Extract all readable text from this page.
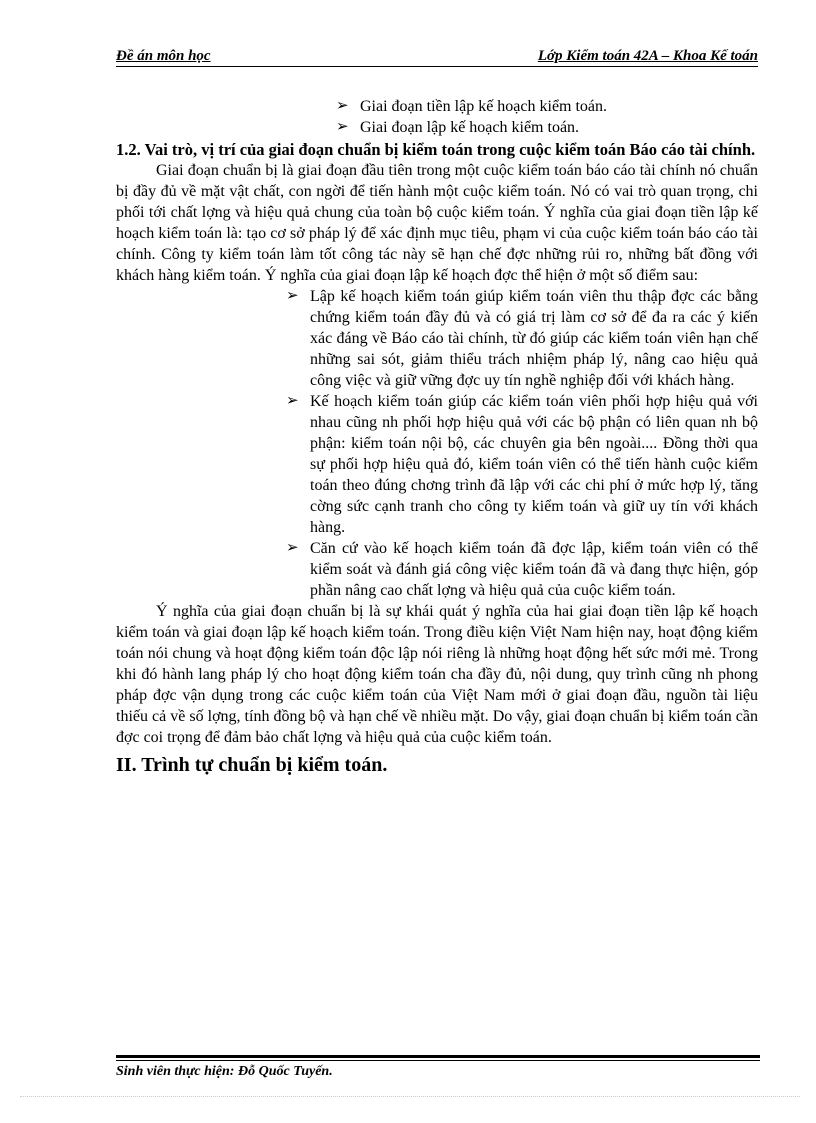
Đề án môn học	Lớp Kiểm toán 42A – Khoa Kế toán
➢ Giai đoạn tiền lập kế hoạch kiểm toán.
➢ Giai đoạn lập kế hoạch kiểm toán.
1.2. Vai trò, vị trí của giai đoạn chuẩn bị kiểm toán trong cuộc kiểm toán Báo cáo tài chính.

Giai đoạn chuẩn bị là giai đoạn đầu tiên trong một cuộc kiểm toán báo cáo tài chính nó chuẩn bị đầy đủ về mặt vật chất, con ngời để tiến hành một cuộc kiểm toán. Nó có vai trò quan trọng, chi phối tới chất lợng và hiệu quả chung của toàn bộ cuộc kiểm toán. Ý nghĩa của giai đoạn tiền lập kế hoạch kiểm toán là: tạo cơ sở pháp lý để xác định mục tiêu, phạm vi của cuộc kiểm toán báo cáo tài chính. Công ty kiểm toán làm tốt công tác này sẽ hạn chế đợc những rủi ro, những bất đồng với khách hàng kiểm toán. Ý nghĩa của giai đoạn lập kế hoạch đợc thể hiện ở một số điểm sau:

➢ Lập kế hoạch kiểm toán giúp kiểm toán viên thu thập đợc các bằng chứng kiểm toán đầy đủ và có giá trị làm cơ sở để đa ra các ý kiến xác đáng về Báo cáo tài chính, từ đó giúp các kiểm toán viên hạn chế những sai sót, giảm thiểu trách nhiệm pháp lý, nâng cao hiệu quả công việc và giữ vững đợc uy tín nghề nghiệp đối với khách hàng.
➢ Kế hoạch kiểm toán giúp các kiểm toán viên phối hợp hiệu quả với nhau cũng nh phối hợp hiệu quả với các bộ phận có liên quan nh bộ phận: kiểm toán nội bộ, các chuyên gia bên ngoài.... Đồng thời qua sự phối hợp hiệu quả đó, kiểm toán viên có thể tiến hành cuộc kiểm toán theo đúng chơng trình đã lập với các chi phí ở mức hợp lý, tăng cờng sức cạnh tranh cho công ty kiểm toán và giữ uy tín với khách hàng.
➢ Căn cứ vào kế hoạch kiểm toán đã đợc lập, kiểm toán viên có thể kiểm soát và đánh giá công việc kiểm toán đã và đang thực hiện, góp phần nâng cao chất lợng và hiệu quả của cuộc kiểm toán.

Ý nghĩa của giai đoạn chuẩn bị là sự khái quát ý nghĩa của hai giai đoạn tiền lập kế hoạch kiểm toán và giai đoạn lập kế hoạch kiểm toán. Trong điều kiện Việt Nam hiện nay, hoạt động kiểm toán nói chung và hoạt động kiểm toán độc lập nói riêng là những hoạt động hết sức mới mẻ. Trong khi đó hành lang pháp lý cho hoạt động kiểm toán cha đầy đủ, nội dung, quy trình cũng nh phong pháp đợc vận dụng trong các cuộc kiểm toán của Việt Nam mới ở giai đoạn đầu, nguồn tài liệu thiếu cả về số lợng, tính đồng bộ và hạn chế về nhiều mặt. Do vậy, giai đoạn chuẩn bị kiểm toán cần đợc coi trọng để đảm bảo chất lợng và hiệu quả của cuộc kiểm toán.

II. Trình tự chuẩn bị kiểm toán.
Sinh viên thực hiện: Đỗ Quốc Tuyến.
